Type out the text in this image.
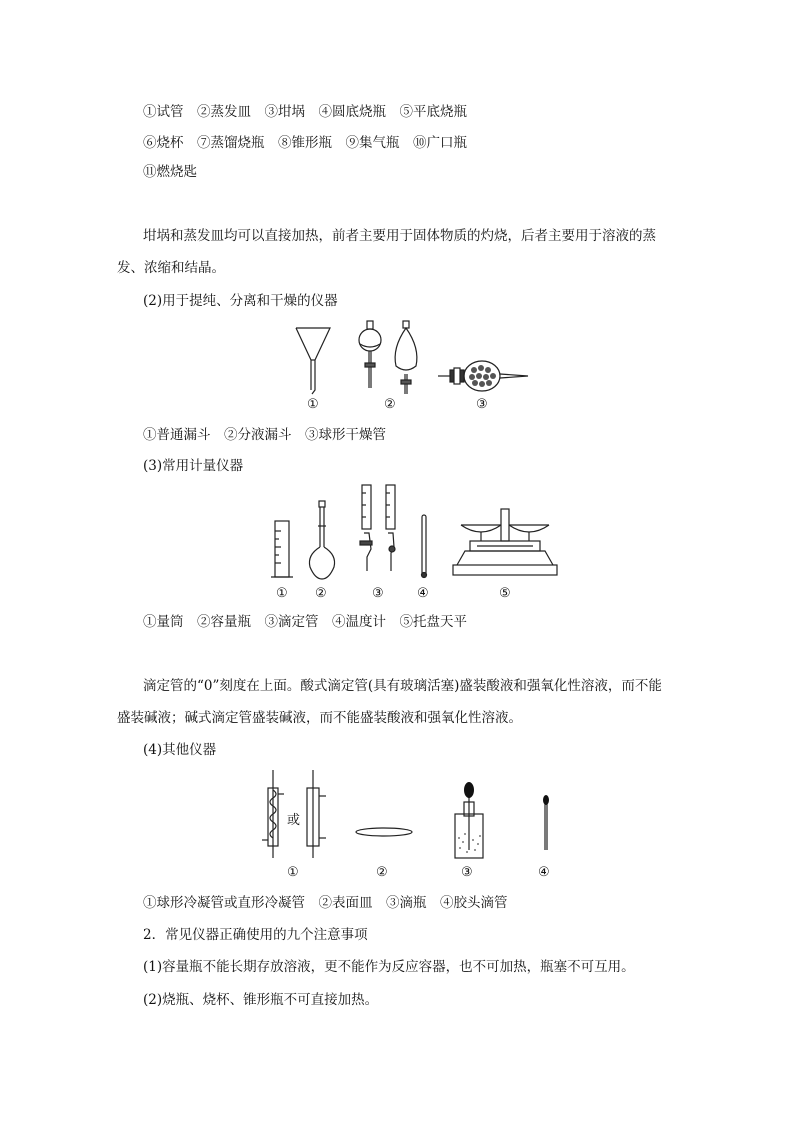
①试管　②蒸发皿　③坩埚　④圆底烧瓶　⑤平底烧瓶
⑥烧杯　⑦蒸馏烧瓶　⑧锥形瓶　⑨集气瓶　⑩广口瓶
⑪燃烧匙
坩埚和蒸发皿均可以直接加热，前者主要用于固体物质的灼烧，后者主要用于溶液的蒸
发、浓缩和结晶。
(2)用于提纯、分离和干燥的仪器
①	②	③
①普通漏斗　②分液漏斗　③球形干燥管
(3)常用计量仪器
① ②	③	④	⑤
①量筒　②容量瓶　③滴定管　④温度计　⑤托盘天平
滴定管的“0”刻度在上面。酸式滴定管(具有玻璃活塞)盛装酸液和强氧化性溶液，而不能
盛装碱液；碱式滴定管盛装碱液，而不能盛装酸液和强氧化性溶液。
(4)其他仪器
或
①	②	③	④
①球形冷凝管或直形冷凝管　②表面皿　③滴瓶　④胶头滴管
2．常见仪器正确使用的九个注意事项
(1)容量瓶不能长期存放溶液，更不能作为反应容器，也不可加热，瓶塞不可互用。
(2)烧瓶、烧杯、锥形瓶不可直接加热。
